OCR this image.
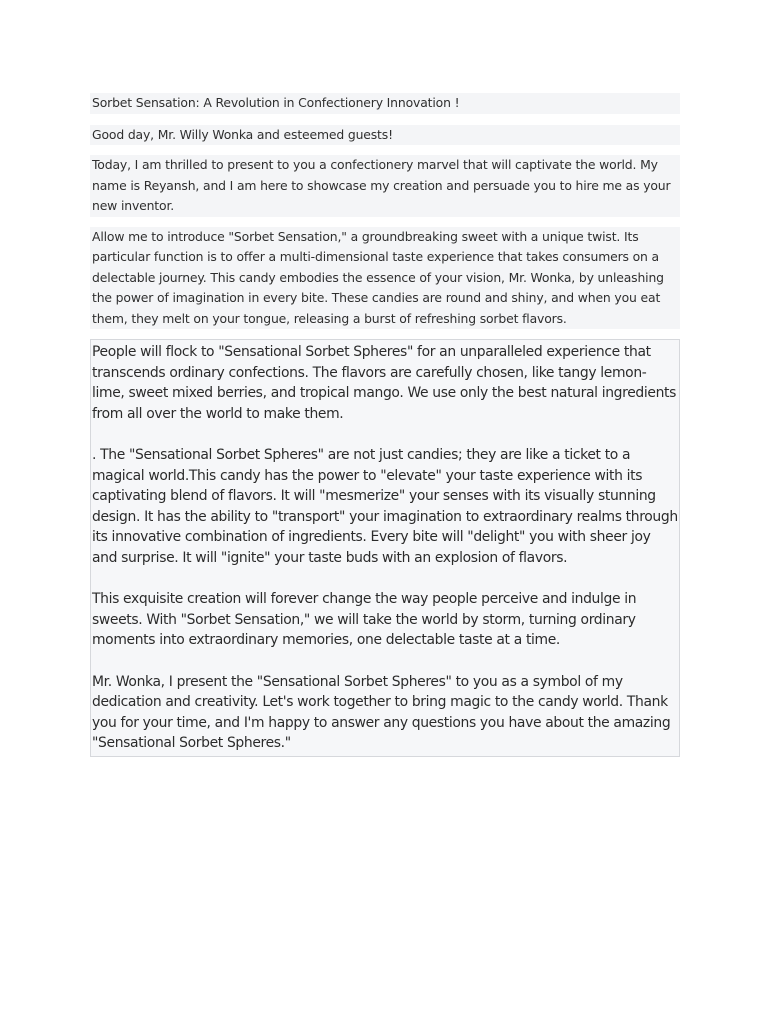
Sorbet Sensation: A Revolution in Confectionery Innovation !

Good day, Mr. Willy Wonka and esteemed guests!

Today, I am thrilled to present to you a confectionery marvel that will captivate the world. My name is Reyansh, and I am here to showcase my creation and persuade you to hire me as your new inventor.

Allow me to introduce "Sorbet Sensation," a groundbreaking sweet with a unique twist. Its particular function is to offer a multi-dimensional taste experience that takes consumers on a delectable journey. This candy embodies the essence of your vision, Mr. Wonka, by unleashing the power of imagination in every bite. These candies are round and shiny, and when you eat them, they melt on your tongue, releasing a burst of refreshing sorbet flavors.

People will flock to "Sensational Sorbet Spheres" for an unparalleled experience that transcends ordinary confections. The flavors are carefully chosen, like tangy lemon-lime, sweet mixed berries, and tropical mango. We use only the best natural ingredients from all over the world to make them.

. The "Sensational Sorbet Spheres" are not just candies; they are like a ticket to a magical world.This candy has the power to "elevate" your taste experience with its captivating blend of flavors. It will "mesmerize" your senses with its visually stunning design. It has the ability to "transport" your imagination to extraordinary realms through its innovative combination of ingredients. Every bite will "delight" you with sheer joy and surprise. It will "ignite" your taste buds with an explosion of flavors.

This exquisite creation will forever change the way people perceive and indulge in sweets. With "Sorbet Sensation," we will take the world by storm, turning ordinary moments into extraordinary memories, one delectable taste at a time.

Mr. Wonka, I present the "Sensational Sorbet Spheres" to you as a symbol of my dedication and creativity. Let's work together to bring magic to the candy world. Thank you for your time, and I'm happy to answer any questions you have about the amazing "Sensational Sorbet Spheres."
